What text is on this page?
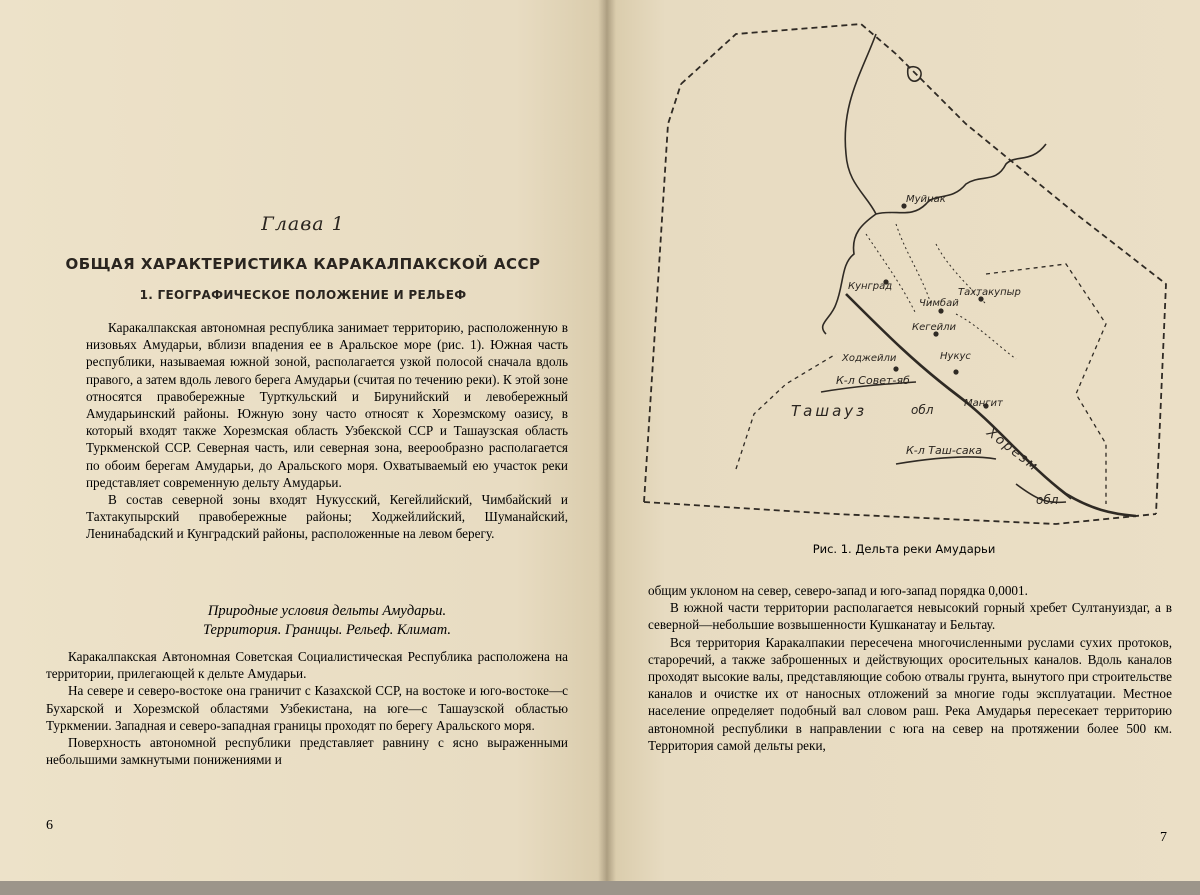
Глава 1
ОБЩАЯ ХАРАКТЕРИСТИКА КАРАКАЛПАКСКОЙ АССР
1. ГЕОГРАФИЧЕСКОЕ ПОЛОЖЕНИЕ И РЕЛЬЕФ

Каракалпакская автономная республика занимает территорию, расположенную в низовьях Амударьи, вблизи впадения ее в Аральское море (рис. 1). Южная часть республики, называемая южной зоной, располагается узкой полосой сначала вдоль правого, а затем вдоль левого берега Амударьи (считая по течению реки). К этой зоне относятся правобережные Турткульский и Бирунийский и левобережный Амударьинский районы. Южную зону часто относят к Хорезмскому оазису, в который входят также Хорезмская область Узбекской ССР и Ташаузская область Туркменской ССР. Северная часть, или северная зона, веерообразно располагается по обоим берегам Амударьи, до Аральского моря. Охватываемый ею участок реки представляет современную дельту Амударьи.

В состав северной зоны входят Нукусский, Кегейлийский, Чимбайский и Тахтакупырский правобережные районы; Ходжейлийский, Шуманайский, Ленинабадский и Кунградский районы, расположенные на левом берегу.

Природные условия дельты Амударьи.
Территория. Границы. Рельеф. Климат.

Каракалпакская Автономная Советская Социалистическая Республика расположена на территории, прилегающей к дельте Амударьи.

На севере и северо-востоке она граничит с Казахской ССР, на востоке и юго-востоке—с Бухарской и Хорезмской областями Узбекистана, на юге—с Ташаузской областью Туркмении. Западная и северо-западная границы проходят по берегу Аральского моря.

Поверхность автономной республики представляет равнину с ясно выраженными небольшими замкнутыми понижениями и

6
Муйнак
Кунград
Чимбай
Тахтакупыр
Кегейли
Ходжейли	Нукус
К-л Совет-яб
Ташауз	обл	Мангит
Хорезм
К-л Таш-сака
обл
Рис. 1. Дельта реки Амударьи

общим уклоном на север, северо-запад и юго-запад порядка 0,0001.

В южной части территории располагается невысокий горный хребет Султануиздаг, а в северной—небольшие возвышенности Кушканатау и Бельтау.

Вся территория Каракалпакии пересечена многочисленными руслами сухих протоков, стаpоречий, а также заброшенных и действующих оросительных каналов. Вдоль каналов проходят высокие валы, представляющие собою отвалы грунта, вынутого при строительстве каналов и очистке их от наносных отложений за многие годы эксплуатации. Местное население определяет подобный вал словом раш. Река Амударья пересекает территорию автономной республики в направлении с юга на север на протяжении более 500 км. Территория самой дельты реки,

7
